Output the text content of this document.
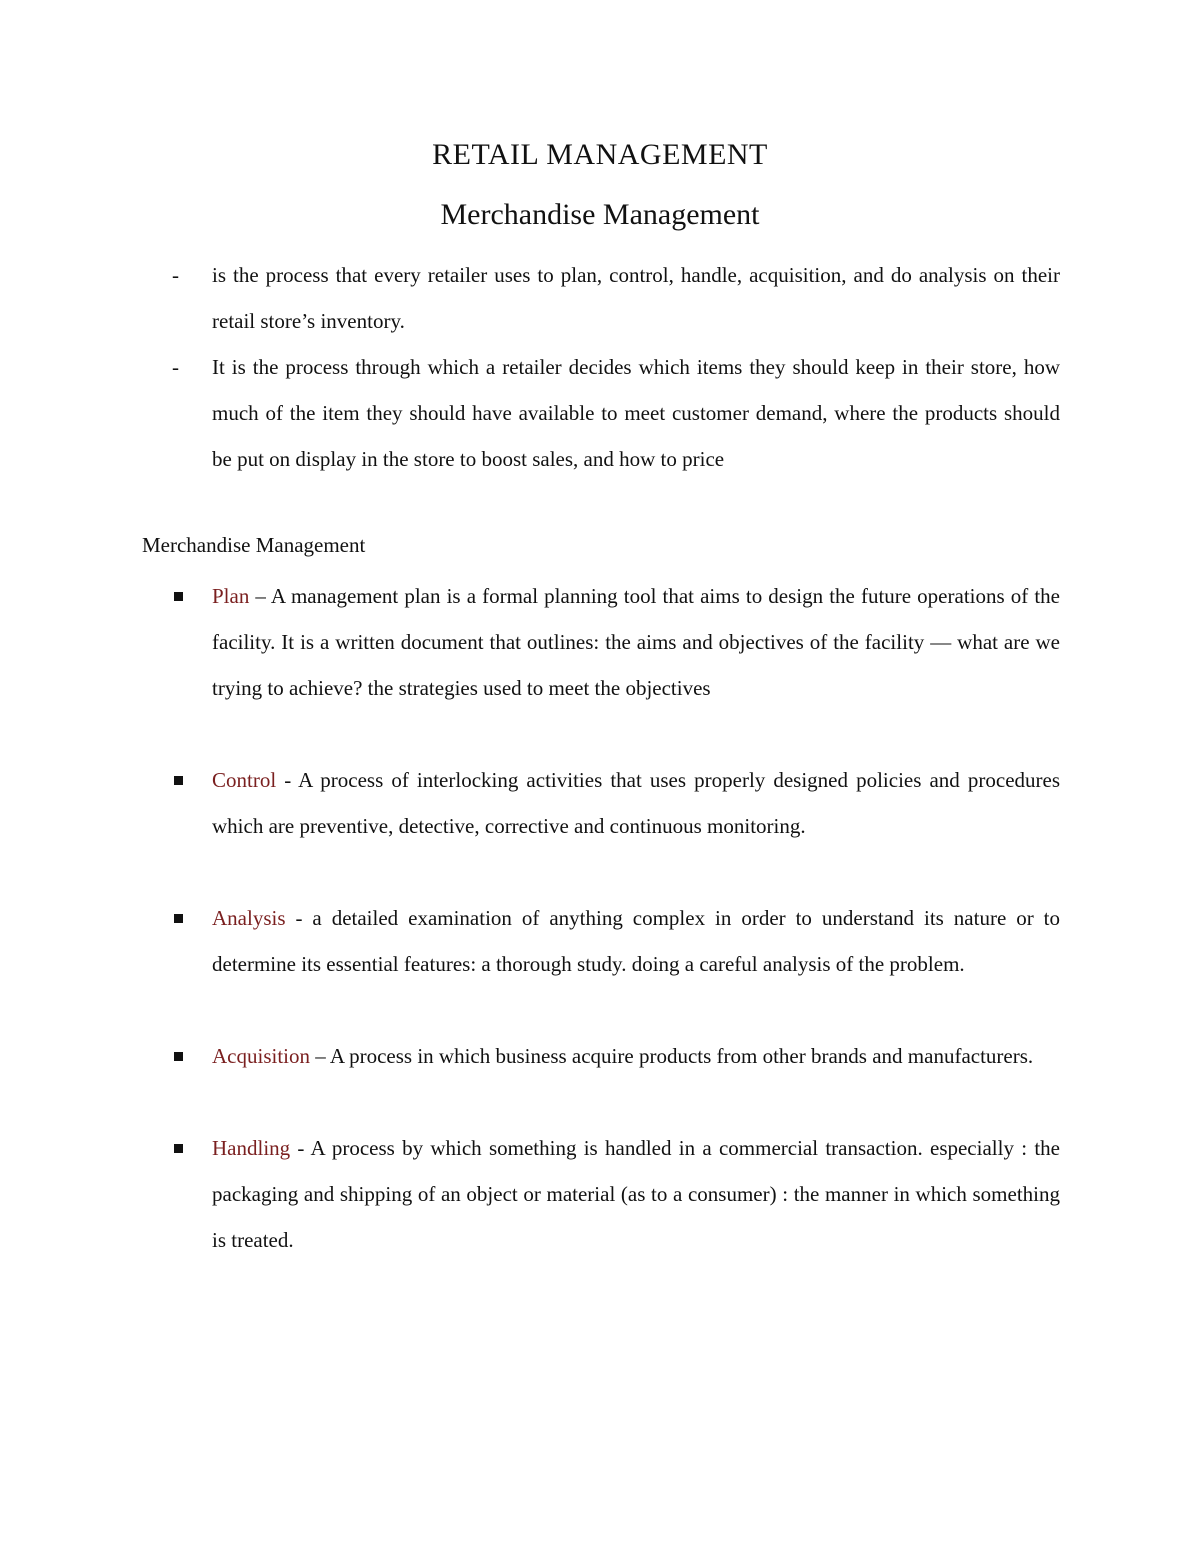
RETAIL MANAGEMENT
Merchandise Management
- is the process that every retailer uses to plan, control, handle, acquisition, and do analysis on their retail store’s inventory.
- It is the process through which a retailer decides which items they should keep in their store, how much of the item they should have available to meet customer demand, where the products should be put on display in the store to boost sales, and how to price
Merchandise Management
Plan – A management plan is a formal planning tool that aims to design the future operations of the facility. It is a written document that outlines: the aims and objectives of the facility — what are we trying to achieve? the strategies used to meet the objectives
Control - A process of interlocking activities that uses properly designed policies and procedures which are preventive, detective, corrective and continuous monitoring.
Analysis - a detailed examination of anything complex in order to understand its nature or to determine its essential features: a thorough study. doing a careful analysis of the problem.
Acquisition – A process in which business acquire products from other brands and manufacturers.
Handling - A process by which something is handled in a commercial transaction. especially : the packaging and shipping of an object or material (as to a consumer) : the manner in which something is treated.
